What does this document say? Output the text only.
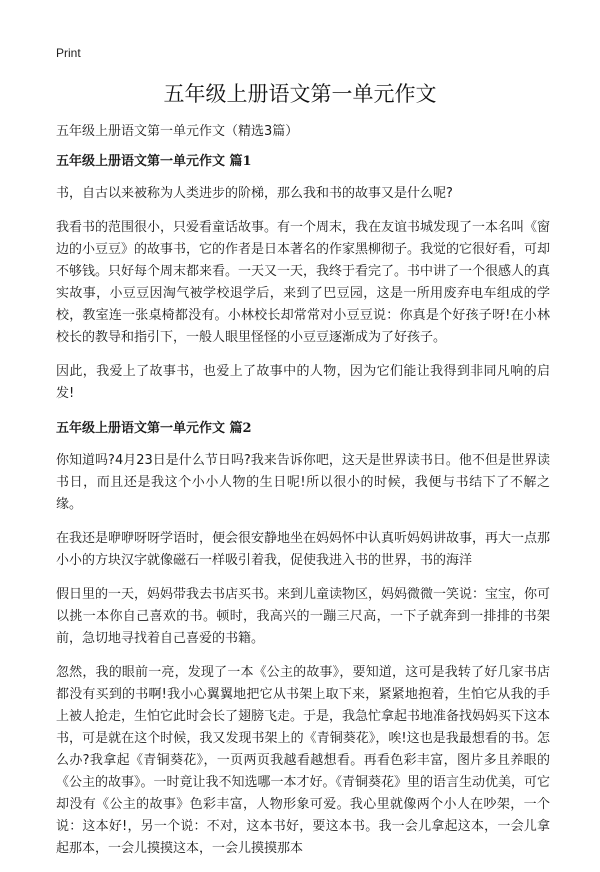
Print
五年级上册语文第一单元作文
五年级上册语文第一单元作文（精选3篇）
五年级上册语文第一单元作文 篇1

书，自古以来被称为人类进步的阶梯，那么我和书的故事又是什么呢?

我看书的范围很小，只爱看童话故事。有一个周末，我在友谊书城发现了一本名叫《窗边的小豆豆》的故事书，它的作者是日本著名的作家黑柳彻子。我觉的它很好看，可却不够钱。只好每个周末都来看。一天又一天，我终于看完了。书中讲了一个很感人的真实故事，小豆豆因淘气被学校退学后，来到了巴豆园，这是一所用废弃电车组成的学校，教室连一张桌椅都没有。小林校长却常常对小豆豆说：你真是个好孩子呀!在小林校长的教导和指引下，一般人眼里怪怪的小豆豆逐渐成为了好孩子。

因此，我爱上了故事书，也爱上了故事中的人物，因为它们能让我得到非同凡响的启发!

五年级上册语文第一单元作文 篇2

你知道吗?4月23日是什么节日吗?我来告诉你吧，这天是世界读书日。他不但是世界读书日，而且还是我这个小小人物的生日呢!所以很小的时候，我便与书结下了不解之缘。

在我还是咿咿呀呀学语时，便会很安静地坐在妈妈怀中认真听妈妈讲故事，再大一点那小小的方块汉字就像磁石一样吸引着我，促使我进入书的世界，书的海洋

假日里的一天，妈妈带我去书店买书。来到儿童读物区，妈妈微微一笑说：宝宝，你可以挑一本你自己喜欢的书。顿时，我高兴的一蹦三尺高，一下子就奔到一排排的书架前，急切地寻找着自己喜爱的书籍。

忽然，我的眼前一亮，发现了一本《公主的故事》，要知道，这可是我转了好几家书店都没有买到的书啊!我小心翼翼地把它从书架上取下来，紧紧地抱着，生怕它从我的手上被人抢走，生怕它此时会长了翅膀飞走。于是，我急忙拿起书地准备找妈妈买下这本书，可是就在这个时候，我又发现书架上的《青铜葵花》，唉!这也是我最想看的书。怎么办?我拿起《青铜葵花》，一页两页我越看越想看。再看色彩丰富，图片多且养眼的《公主的故事》。一时竟让我不知选哪一本才好。《青铜葵花》里的语言生动优美，可它却没有《公主的故事》色彩丰富，人物形象可爱。我心里就像两个小人在吵架，一个说：这本好!，另一个说：不对，这本书好，要这本书。我一会儿拿起这本，一会儿拿起那本，一会儿摸摸这本，一会儿摸摸那本
